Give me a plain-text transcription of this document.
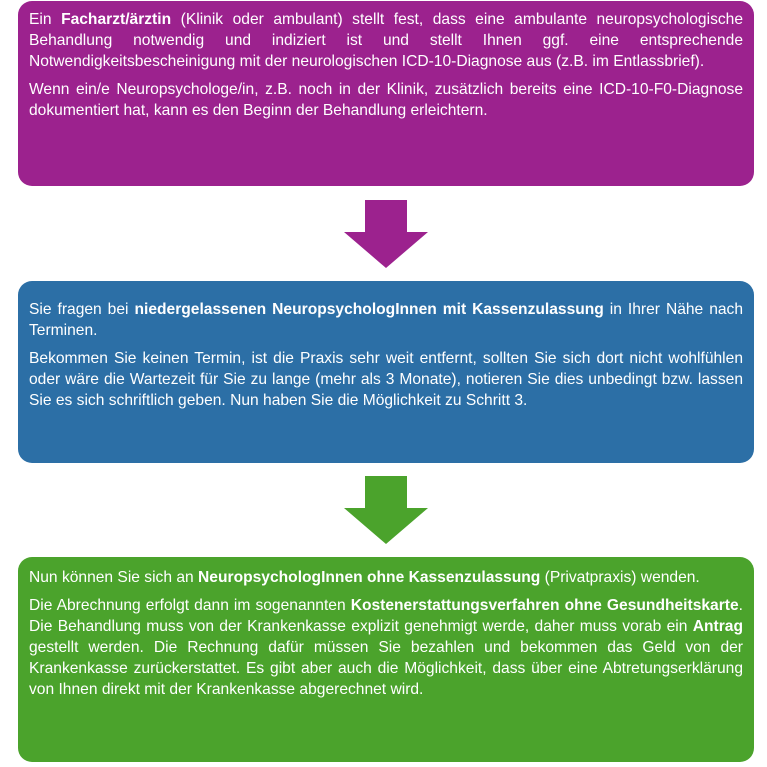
Ein Facharzt/ärztin (Klinik oder ambulant) stellt fest, dass eine ambulante neuropsychologische Behandlung notwendig und indiziert ist und stellt Ihnen ggf. eine entsprechende Notwendigkeitsbescheinigung mit der neurologischen ICD-10-Diagnose aus (z.B. im Entlassbrief).

Wenn ein/e Neuropsychologe/in, z.B. noch in der Klinik, zusätzlich bereits eine ICD-10-F0-Diagnose dokumentiert hat, kann es den Beginn der Behandlung erleichtern.

Sie fragen bei niedergelassenen NeuropsychologInnen mit Kassenzulassung in Ihrer Nähe nach Terminen.

Bekommen Sie keinen Termin, ist die Praxis sehr weit entfernt, sollten Sie sich dort nicht wohlfühlen oder wäre die Wartezeit für Sie zu lange (mehr als 3 Monate), notieren Sie dies unbedingt bzw. lassen Sie es sich schriftlich geben. Nun haben Sie die Möglichkeit zu Schritt 3.

Nun können Sie sich an NeuropsychologInnen ohne Kassenzulassung (Privatpraxis) wenden.

Die Abrechnung erfolgt dann im sogenannten Kostenerstattungsverfahren ohne Gesundheitskarte. Die Behandlung muss von der Krankenkasse explizit genehmigt werde, daher muss vorab ein Antrag gestellt werden. Die Rechnung dafür müssen Sie bezahlen und bekommen das Geld von der Krankenkasse zurückerstattet. Es gibt aber auch die Möglichkeit, dass über eine Abtretungserklärung von Ihnen direkt mit der Krankenkasse abgerechnet wird.
